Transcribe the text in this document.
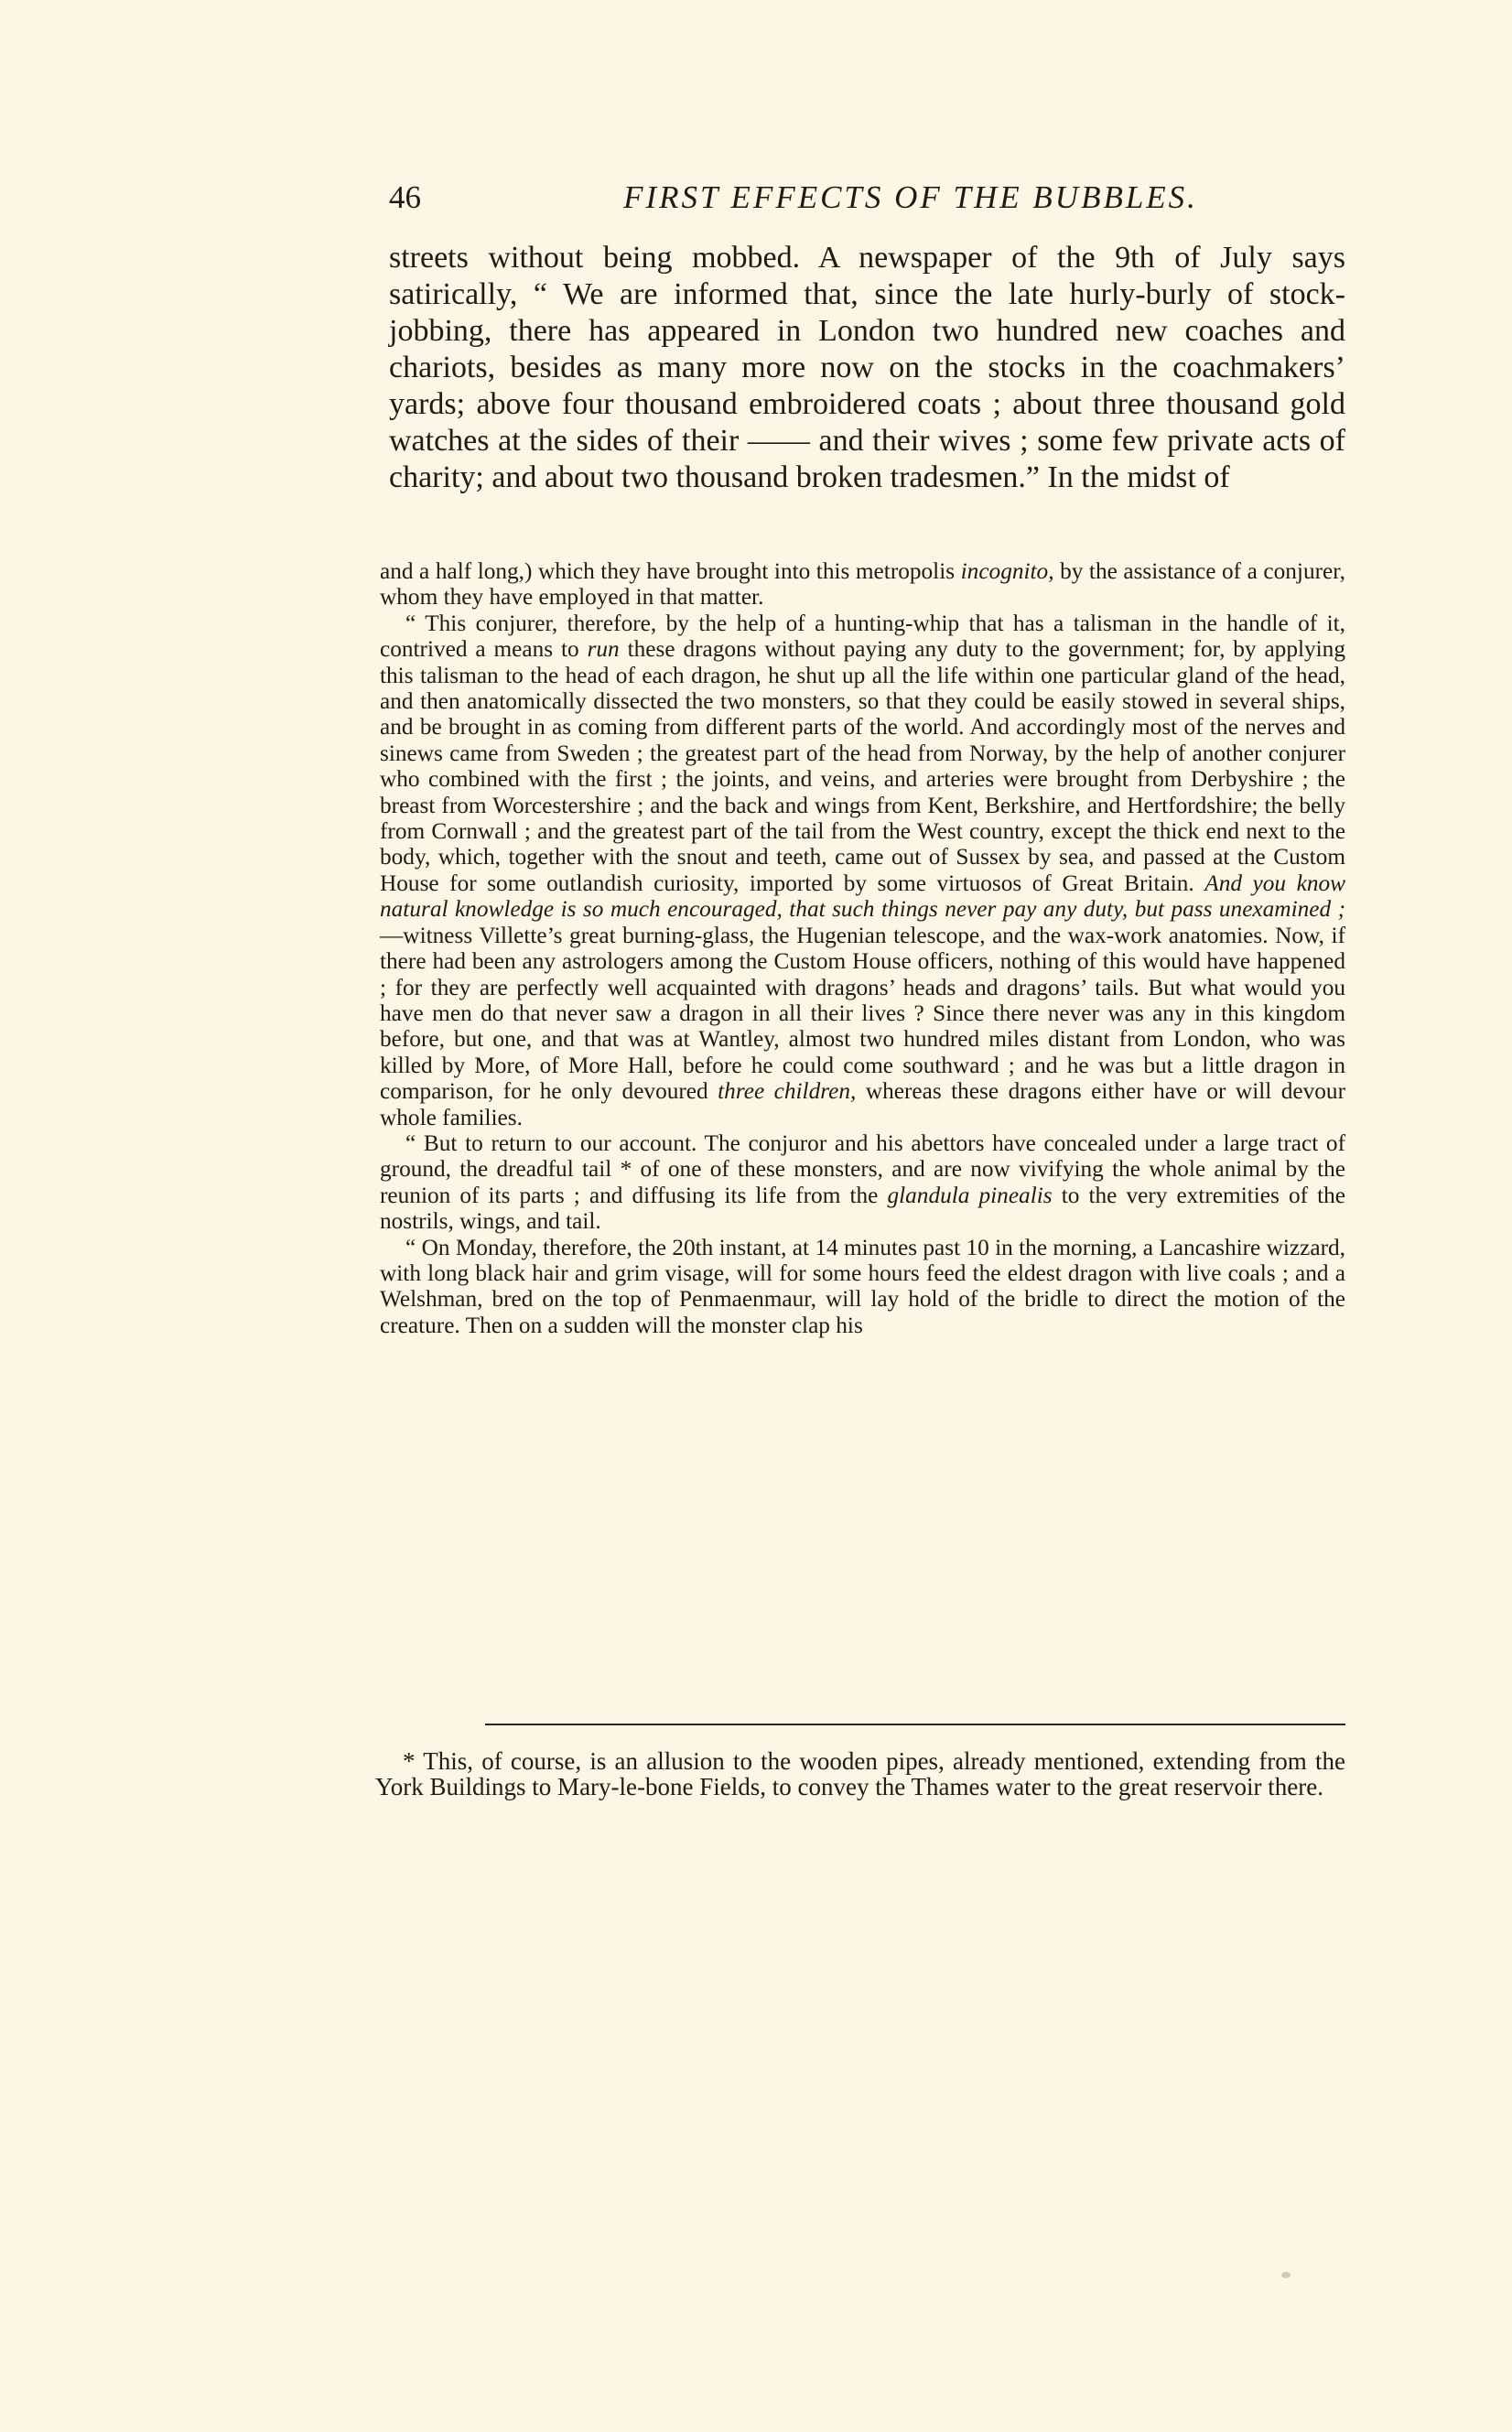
46	FIRST EFFECTS OF THE BUBBLES.

streets without being mobbed. A newspaper of the 9th of July says satirically, “ We are informed that, since the late hurly-burly of stock-jobbing, there has appeared in London two hundred new coaches and chariots, besides as many more now on the stocks in the coachmakers’ yards; above four thousand embroidered coats ; about three thousand gold watches at the sides of their —— and their wives ; some few private acts of charity; and about two thousand broken tradesmen.” In the midst of

and a half long,) which they have brought into this metropolis incognito, by the assistance of a conjurer, whom they have employed in that matter.

“ This conjurer, therefore, by the help of a hunting-whip that has a talisman in the handle of it, contrived a means to run these dragons without paying any duty to the government; for, by applying this talisman to the head of each dragon, he shut up all the life within one particular gland of the head, and then anatomically dissected the two monsters, so that they could be easily stowed in several ships, and be brought in as coming from different parts of the world. And accordingly most of the nerves and sinews came from Sweden ; the greatest part of the head from Norway, by the help of another conjurer who combined with the first ; the joints, and veins, and arteries were brought from Derbyshire ; the breast from Worcestershire ; and the back and wings from Kent, Berkshire, and Hertfordshire; the belly from Cornwall ; and the greatest part of the tail from the West country, except the thick end next to the body, which, together with the snout and teeth, came out of Sussex by sea, and passed at the Custom House for some outlandish curiosity, imported by some virtuosos of Great Britain. And you know natural knowledge is so much encouraged, that such things never pay any duty, but pass unexamined ;—witness Villette’s great burning-glass, the Hugenian telescope, and the wax-work anatomies. Now, if there had been any astrologers among the Custom House officers, nothing of this would have happened ; for they are perfectly well acquainted with dragons’ heads and dragons’ tails. But what would you have men do that never saw a dragon in all their lives ? Since there never was any in this kingdom before, but one, and that was at Wantley, almost two hundred miles distant from London, who was killed by More, of More Hall, before he could come southward ; and he was but a little dragon in comparison, for he only devoured three children, whereas these dragons either have or will devour whole families.

“ But to return to our account. The conjuror and his abettors have concealed under a large tract of ground, the dreadful tail * of one of these monsters, and are now vivifying the whole animal by the reunion of its parts ; and diffusing its life from the glandula pinealis to the very extremities of the nostrils, wings, and tail.

“ On Monday, therefore, the 20th instant, at 14 minutes past 10 in the morning, a Lancashire wizzard, with long black hair and grim visage, will for some hours feed the eldest dragon with live coals ; and a Welshman, bred on the top of Penmaenmaur, will lay hold of the bridle to direct the motion of the creature. Then on a sudden will the monster clap his

* This, of course, is an allusion to the wooden pipes, already mentioned, extending from the York Buildings to Mary-le-bone Fields, to convey the Thames water to the great reservoir there.
